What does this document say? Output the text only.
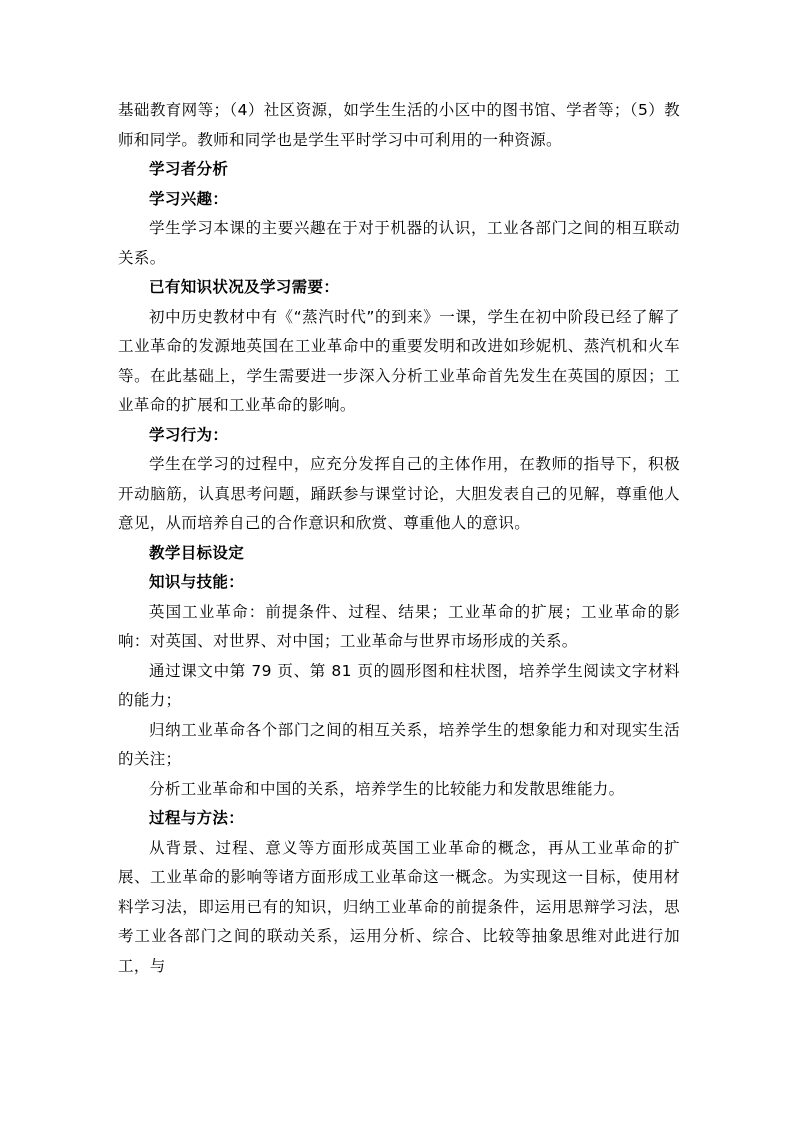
基础教育网等；（4）社区资源，如学生生活的小区中的图书馆、学者等；（5）教师和同学。教师和同学也是学生平时学习中可利用的一种资源。

学习者分析

学习兴趣：

学生学习本课的主要兴趣在于对于机器的认识，工业各部门之间的相互联动关系。

已有知识状况及学习需要：

初中历史教材中有《“蒸汽时代”的到来》一课，学生在初中阶段已经了解了工业革命的发源地英国在工业革命中的重要发明和改进如珍妮机、蒸汽机和火车等。在此基础上，学生需要进一步深入分析工业革命首先发生在英国的原因；工业革命的扩展和工业革命的影响。

学习行为：

学生在学习的过程中，应充分发挥自己的主体作用，在教师的指导下，积极开动脑筋，认真思考问题，踊跃参与课堂讨论，大胆发表自己的见解，尊重他人意见，从而培养自己的合作意识和欣赏、尊重他人的意识。

教学目标设定

知识与技能：

英国工业革命：前提条件、过程、结果；工业革命的扩展；工业革命的影响：对英国、对世界、对中国；工业革命与世界市场形成的关系。

通过课文中第 79 页、第 81 页的圆形图和柱状图，培养学生阅读文字材料的能力；

归纳工业革命各个部门之间的相互关系，培养学生的想象能力和对现实生活的关注；

分析工业革命和中国的关系，培养学生的比较能力和发散思维能力。

过程与方法：

从背景、过程、意义等方面形成英国工业革命的概念，再从工业革命的扩展、工业革命的影响等诸方面形成工业革命这一概念。为实现这一目标，使用材料学习法，即运用已有的知识，归纳工业革命的前提条件，运用思辩学习法，思考工业各部门之间的联动关系，运用分析、综合、比较等抽象思维对此进行加工，与
